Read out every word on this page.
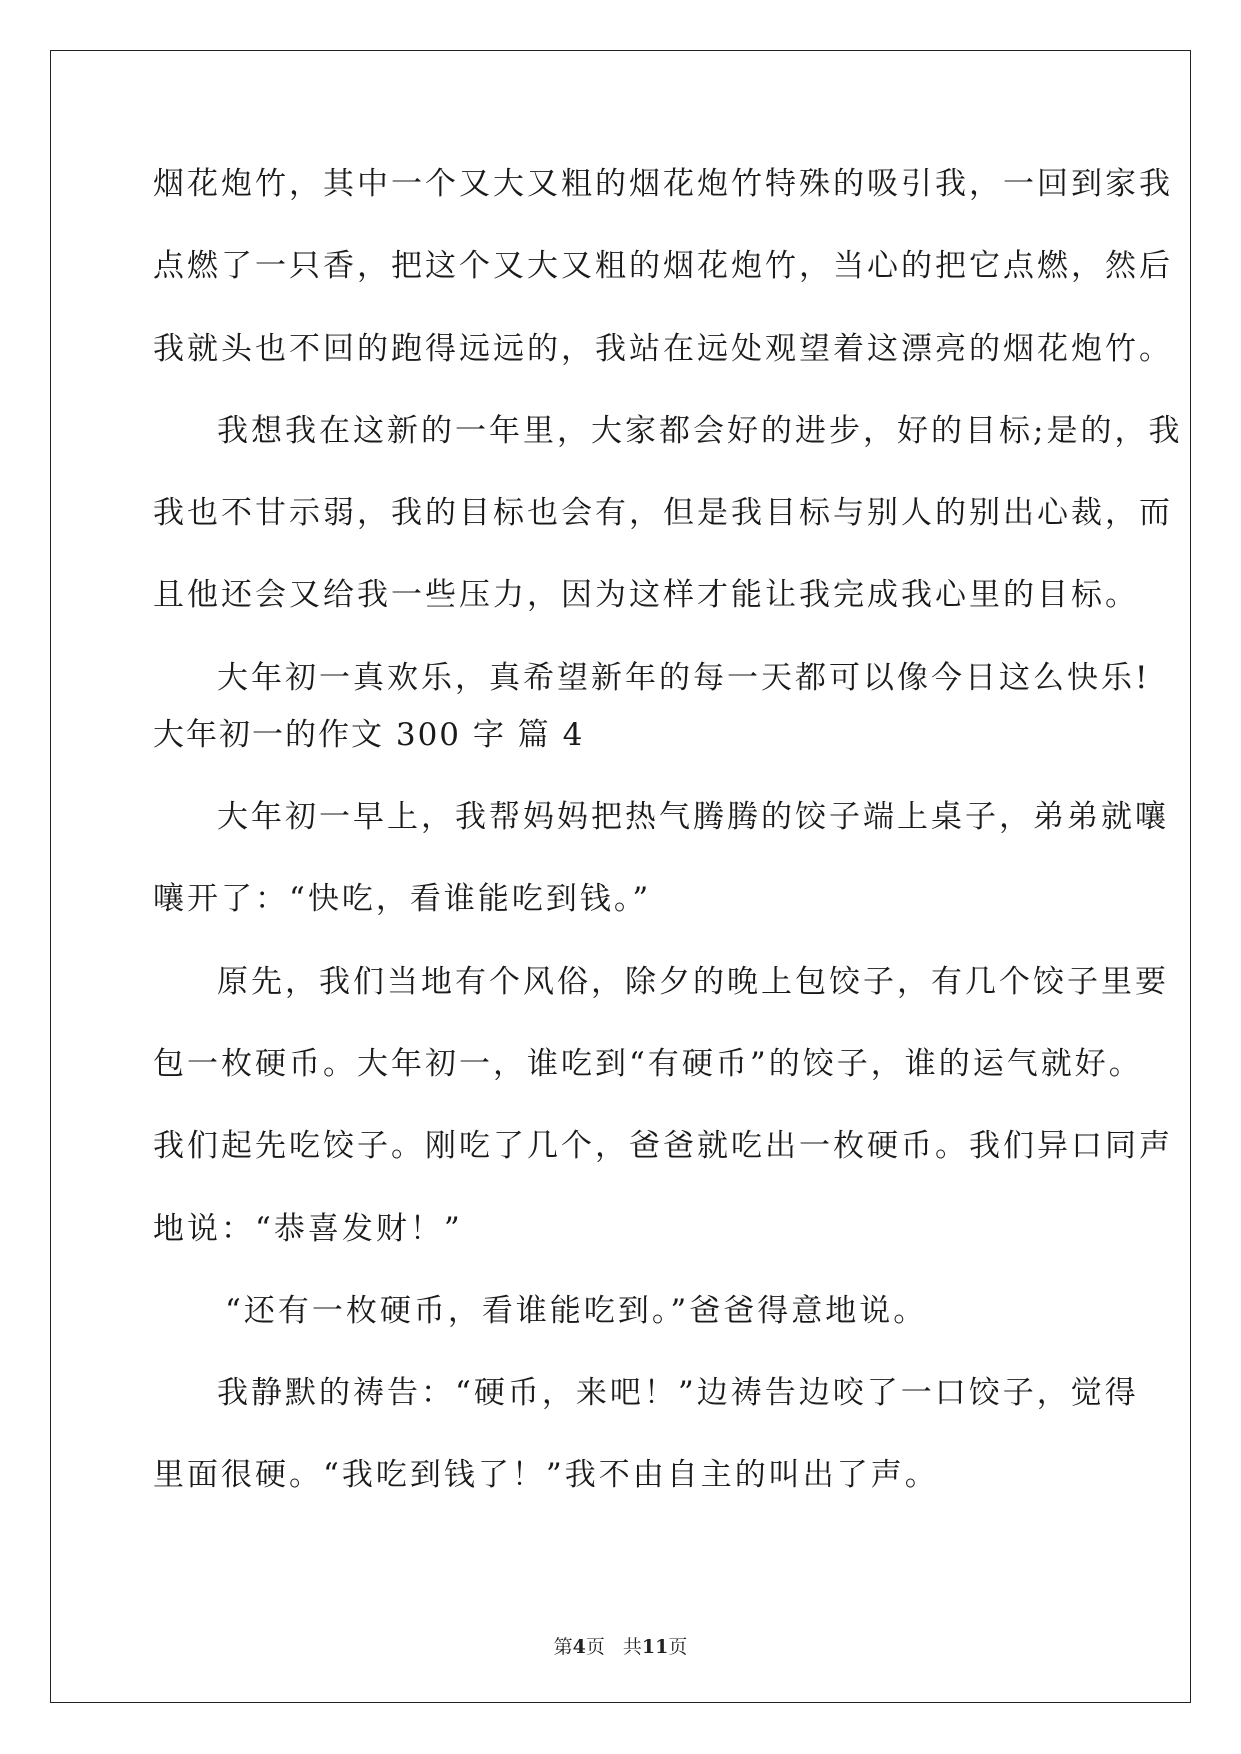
烟花炮竹，其中一个又大又粗的烟花炮竹特殊的吸引我，一回到家我
点燃了一只香，把这个又大又粗的烟花炮竹，当心的把它点燃，然后
我就头也不回的跑得远远的，我站在远处观望着这漂亮的烟花炮竹。
我想我在这新的一年里，大家都会好的进步，好的目标;是的，我
我也不甘示弱，我的目标也会有，但是我目标与别人的别出心裁，而
且他还会又给我一些压力，因为这样才能让我完成我心里的目标。
大年初一真欢乐，真希望新年的每一天都可以像今日这么快乐!
大年初一的作文 300 字 篇 4
大年初一早上，我帮妈妈把热气腾腾的饺子端上桌子，弟弟就嚷
嚷开了：“快吃，看谁能吃到钱。”
原先，我们当地有个风俗，除夕的晚上包饺子，有几个饺子里要
包一枚硬币。大年初一，谁吃到“有硬币”的饺子，谁的运气就好。
我们起先吃饺子。刚吃了几个，爸爸就吃出一枚硬币。我们异口同声
地说：“恭喜发财！”
“还有一枚硬币，看谁能吃到。”爸爸得意地说。
我静默的祷告：“硬币，来吧！”边祷告边咬了一口饺子，觉得
里面很硬。“我吃到钱了！”我不由自主的叫出了声。
第4页 共11页
